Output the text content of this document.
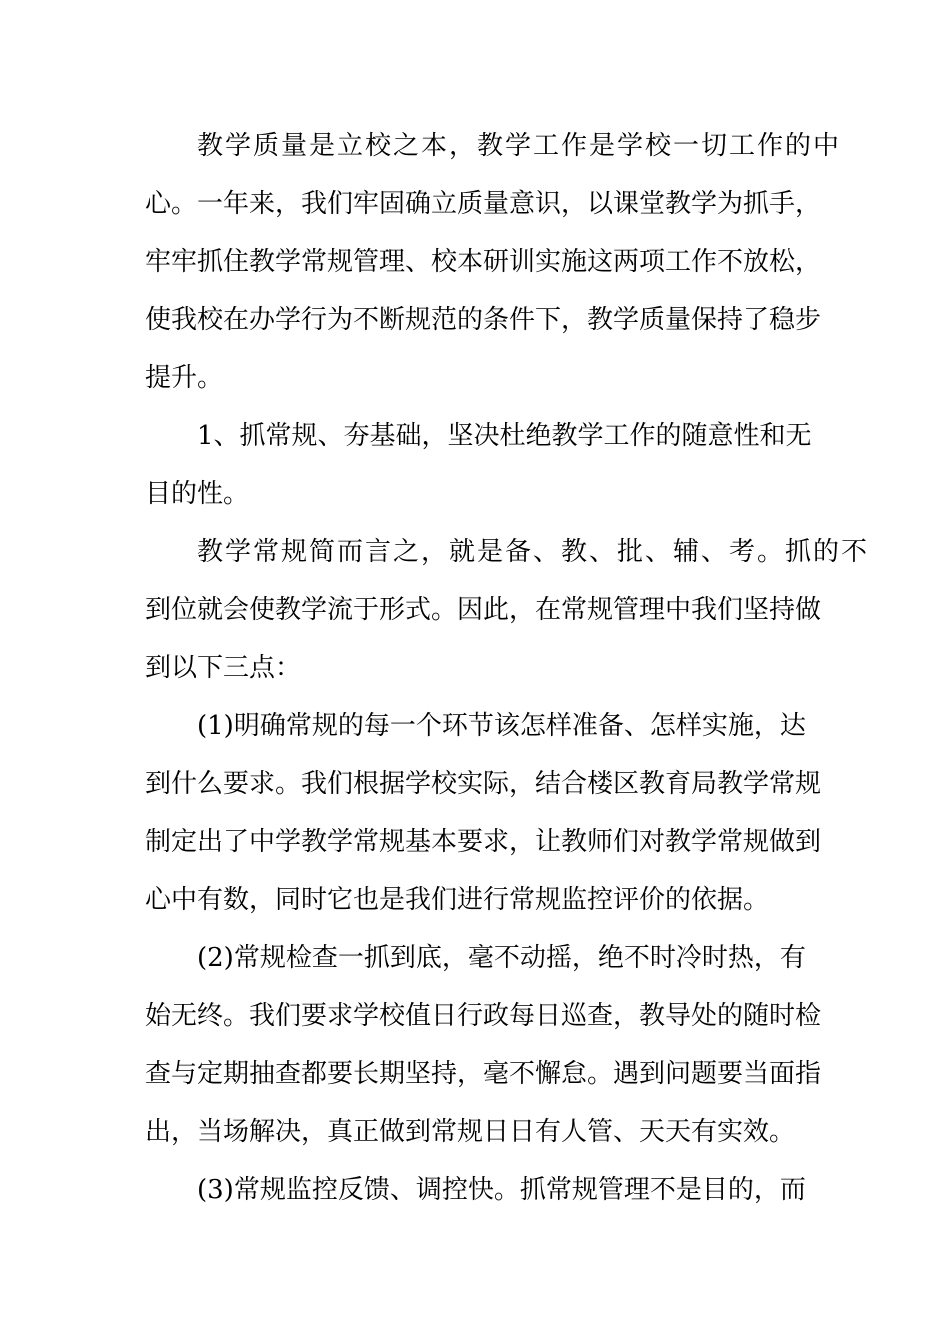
教学质量是立校之本，教学工作是学校一切工作的中
心。一年来，我们牢固确立质量意识，以课堂教学为抓手，
牢牢抓住教学常规管理、校本研训实施这两项工作不放松，
使我校在办学行为不断规范的条件下，教学质量保持了稳步
提升。
1、抓常规、夯基础，坚决杜绝教学工作的随意性和无
目的性。
教学常规简而言之，就是备、教、批、辅、考。抓的不
到位就会使教学流于形式。因此，在常规管理中我们坚持做
到以下三点：
(1)明确常规的每一个环节该怎样准备、怎样实施，达
到什么要求。我们根据学校实际，结合楼区教育局教学常规
制定出了中学教学常规基本要求，让教师们对教学常规做到
心中有数，同时它也是我们进行常规监控评价的依据。
(2)常规检查一抓到底，毫不动摇，绝不时冷时热，有
始无终。我们要求学校值日行政每日巡查，教导处的随时检
查与定期抽查都要长期坚持，毫不懈怠。遇到问题要当面指
出，当场解决，真正做到常规日日有人管、天天有实效。
(3)常规监控反馈、调控快。抓常规管理不是目的，而
